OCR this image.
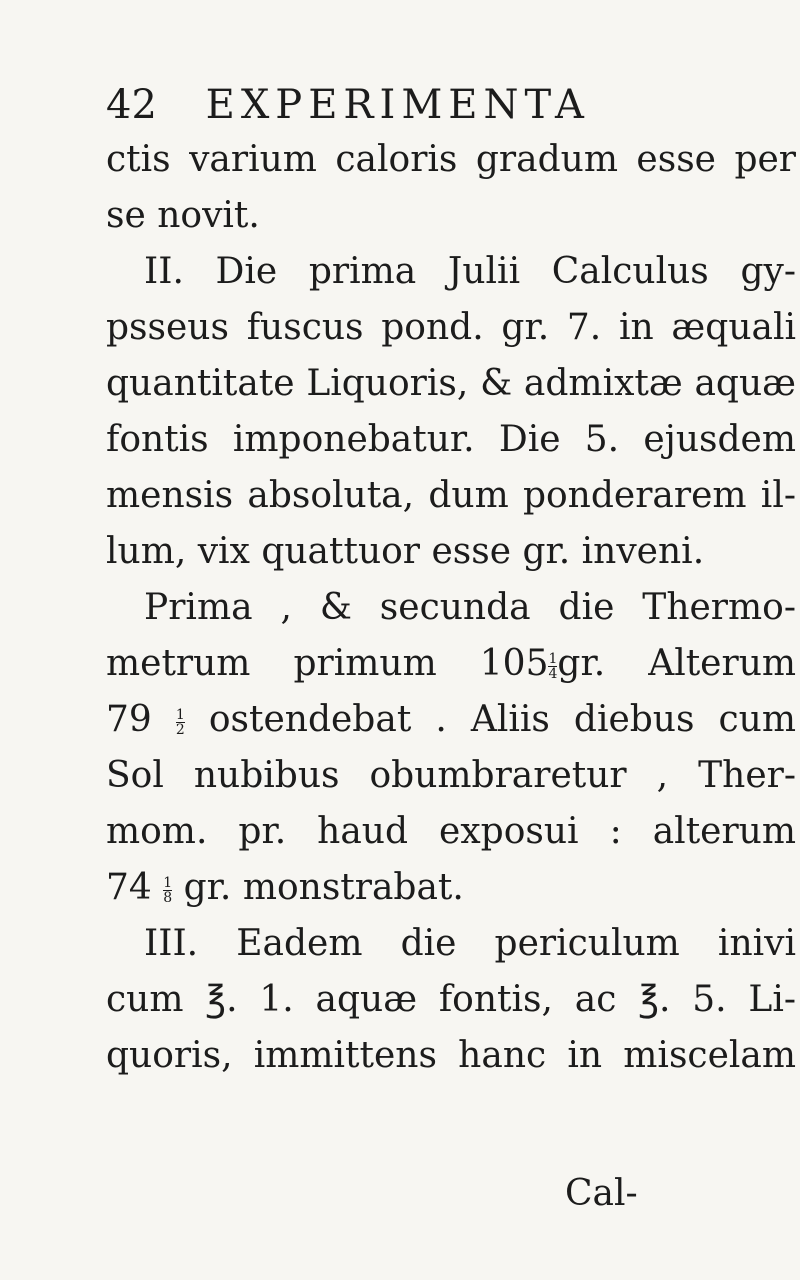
42 EXPERIMENTA
ctis varium caloris gradum esse per
se novit.
II. Die prima Julii Calculus gy-
psseus fuscus pond. gr. 7. in æquali
quantitate Liquoris, & admixtæ aquæ
fontis imponebatur. Die 5. ejusdem
mensis absoluta, dum ponderarem il-
lum, vix quattuor esse gr. inveni.
Prima , & secunda die Thermo-
metrum primum $105 \frac{1}{4}$ gr. Alterum
$79 \frac{1}{2}$ ostendebat . Aliis diebus cum
Sol nubibus obumbraretur , Ther-
mom. pr. haud exposui : alterum
$74 \frac{1}{8}$ gr. monstrabat.
III. Eadem die periculum inivi
cum ℥. 1. aquæ fontis, ac ℥. 5. Li-
quoris, immittens hanc in miscelam
Cal-
